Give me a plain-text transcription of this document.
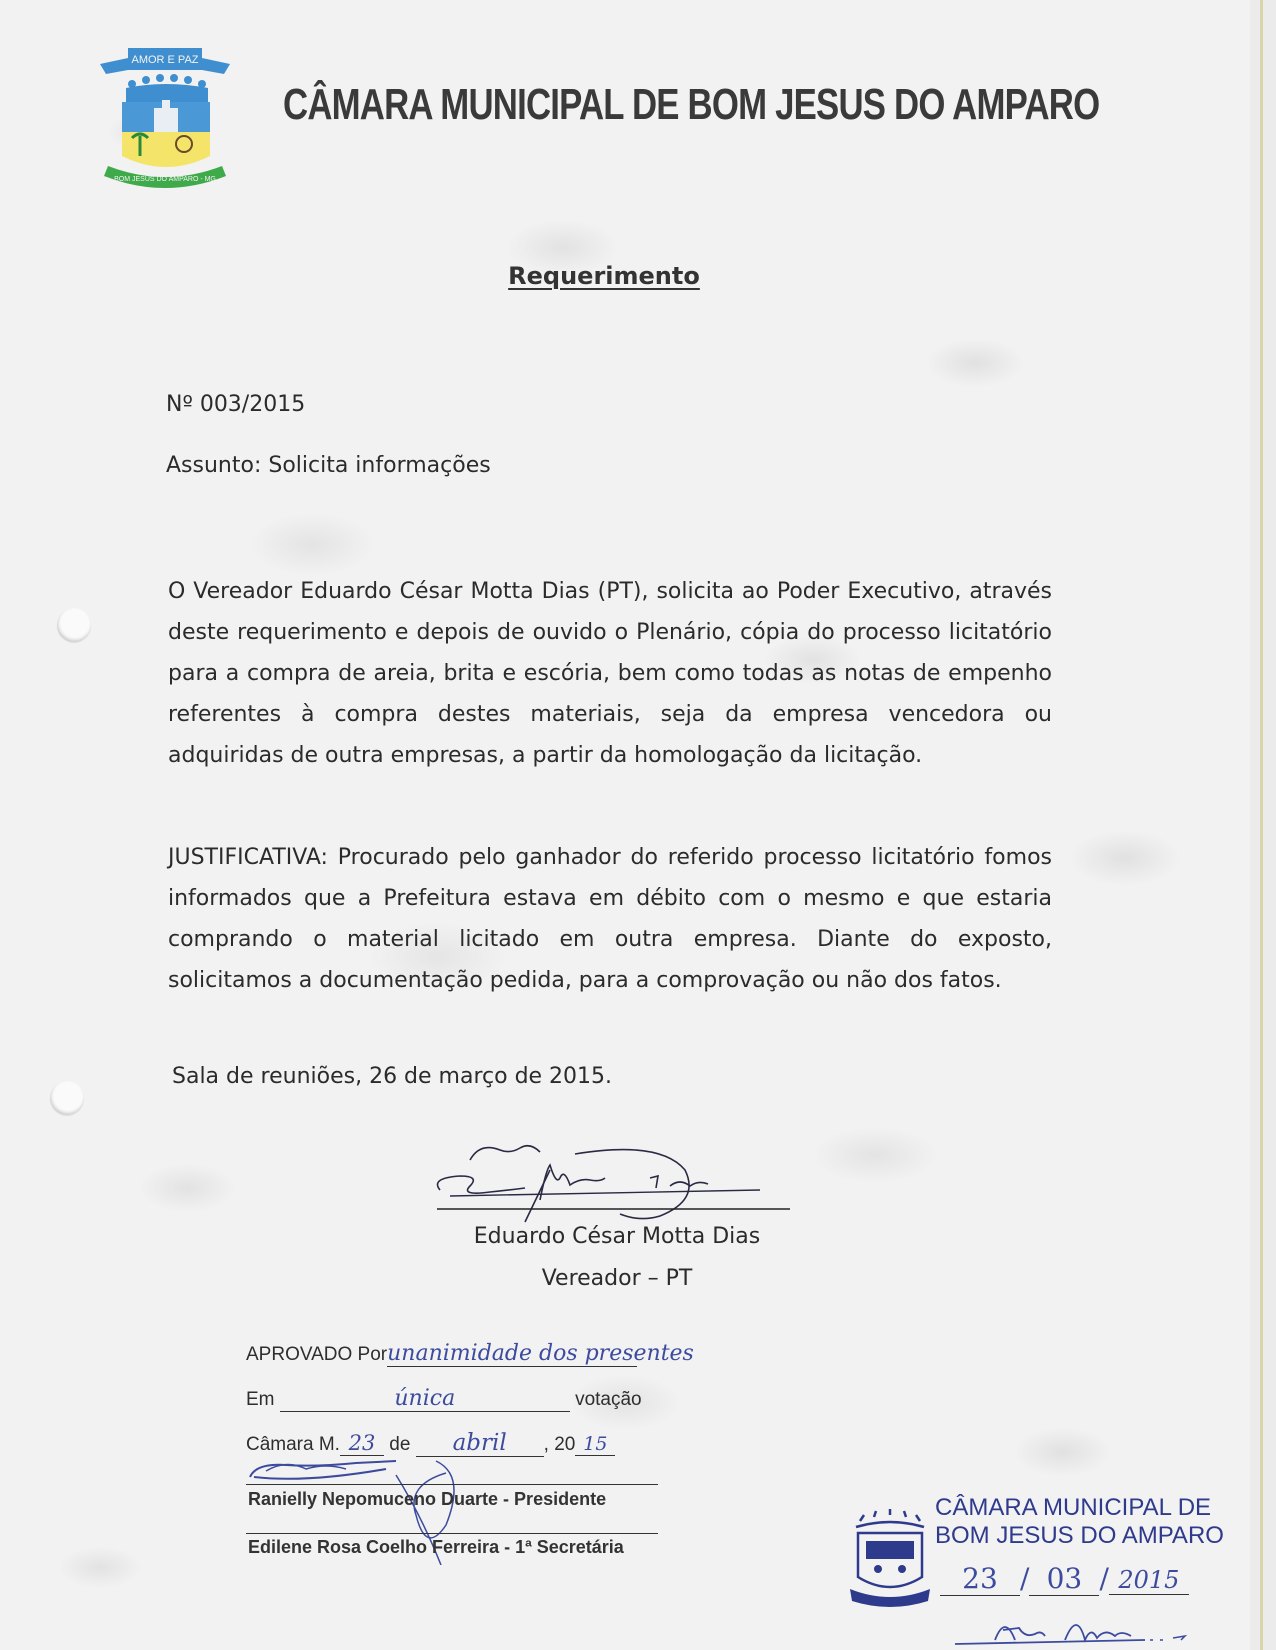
AMOR E PAZ
BOM JESUS DO AMPARO - MG
CÂMARA MUNICIPAL DE BOM JESUS DO AMPARO
Requerimento
Nº 003/2015
Assunto: Solicita informações

O Vereador Eduardo César Motta Dias (PT), solicita ao Poder Executivo, através deste requerimento e depois de ouvido o Plenário, cópia do processo licitatório para a compra de areia, brita e escória, bem como todas as notas de empenho referentes à compra destes materiais, seja da empresa vencedora ou adquiridas de outra empresas, a partir da homologação da licitação.

JUSTIFICATIVA: Procurado pelo ganhador do referido processo licitatório fomos informados que a Prefeitura estava em débito com o mesmo e que estaria comprando o material licitado em outra empresa. Diante do exposto, solicitamos a documentação pedida, para a comprovação ou não dos fatos.

Sala de reuniões, 26 de março de 2015.
Eduardo César Motta Dias
Vereador – PT
APROVADO Porunanimidade dos presentes
Em	única	votação
Câmara M. 23 de abril , 20 15
Ranielly Nepomuceno Duarte - Presidente
Edilene Rosa Coelho Ferreira - 1ª Secretária
CÂMARA MUNICIPAL DE
BOM JESUS DO AMPARO
23 / 03 / 2015
